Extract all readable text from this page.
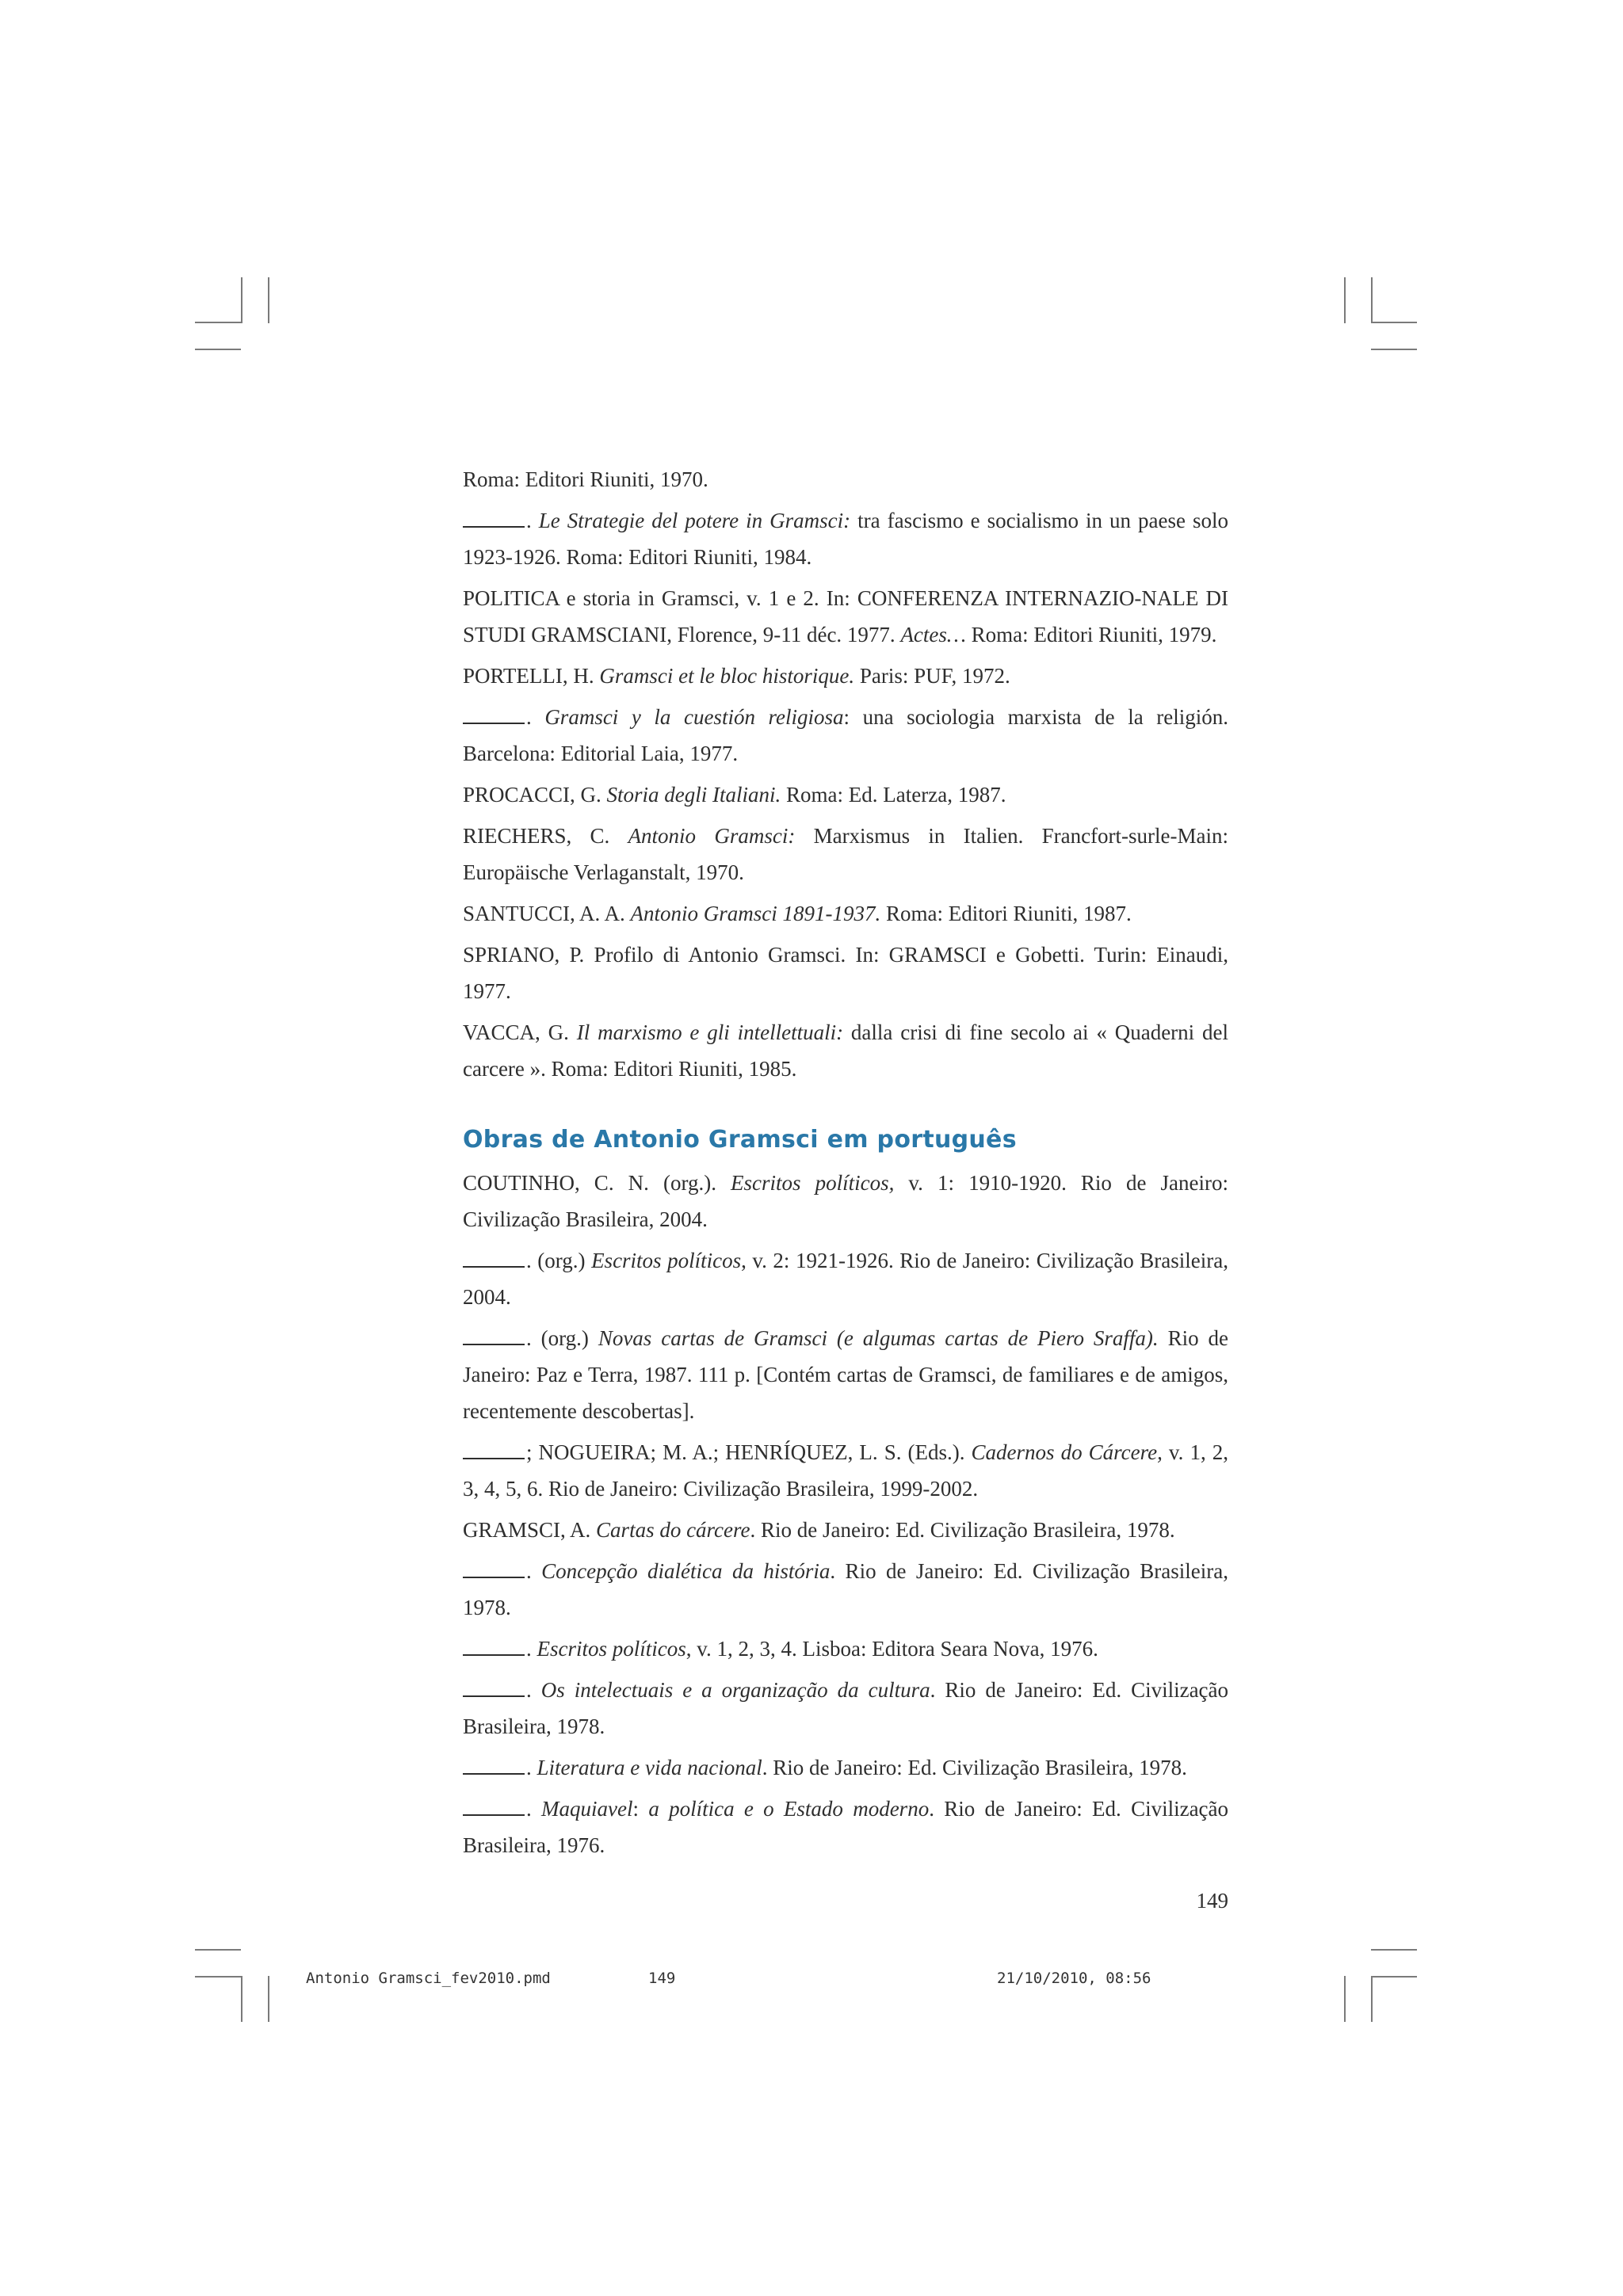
Roma: Editori Riuniti, 1970.

. Le Strategie del potere in Gramsci: tra fascismo e socialismo in un paese solo 1923-1926. Roma: Editori Riuniti, 1984.

POLITICA e storia in Gramsci, v. 1 e 2. In: CONFERENZA INTERNAZIO-NALE DI STUDI GRAMSCIANI, Florence, 9-11 déc. 1977. Actes… Roma: Editori Riuniti, 1979.

PORTELLI, H. Gramsci et le bloc historique. Paris: PUF, 1972.

. Gramsci y la cuestión religiosa: una sociologia marxista de la religión. Barcelona: Editorial Laia, 1977.

PROCACCI, G. Storia degli Italiani. Roma: Ed. Laterza, 1987.

RIECHERS, C. Antonio Gramsci: Marxismus in Italien. Francfort-surle-Main: Europäische Verlaganstalt, 1970.

SANTUCCI, A. A. Antonio Gramsci 1891-1937. Roma: Editori Riuniti, 1987.

SPRIANO, P. Profilo di Antonio Gramsci. In: GRAMSCI e Gobetti. Turin: Einaudi, 1977.

VACCA, G. Il marxismo e gli intellettuali: dalla crisi di fine secolo ai « Quaderni del carcere ». Roma: Editori Riuniti, 1985.

Obras de Antonio Gramsci em português

COUTINHO, C. N. (org.). Escritos políticos, v. 1: 1910-1920. Rio de Janeiro: Civilização Brasileira, 2004.

. (org.) Escritos políticos, v. 2: 1921-1926. Rio de Janeiro: Civilização Brasileira, 2004.

. (org.) Novas cartas de Gramsci (e algumas cartas de Piero Sraffa). Rio de Janeiro: Paz e Terra, 1987. 111 p. [Contém cartas de Gramsci, de familiares e de amigos, recentemente descobertas].

; NOGUEIRA; M. A.; HENRÍQUEZ, L. S. (Eds.). Cadernos do Cárcere, v. 1, 2, 3, 4, 5, 6. Rio de Janeiro: Civilização Brasileira, 1999-2002.

GRAMSCI, A. Cartas do cárcere. Rio de Janeiro: Ed. Civilização Brasileira, 1978.

. Concepção dialética da história. Rio de Janeiro: Ed. Civilização Brasileira, 1978.

. Escritos políticos, v. 1, 2, 3, 4. Lisboa: Editora Seara Nova, 1976.

. Os intelectuais e a organização da cultura. Rio de Janeiro: Ed. Civilização Brasileira, 1978.

. Literatura e vida nacional. Rio de Janeiro: Ed. Civilização Brasileira, 1978.

. Maquiavel: a política e o Estado moderno. Rio de Janeiro: Ed. Civilização Brasileira, 1976.

149
Antonio Gramsci_fev2010.pmd	149	21/10/2010, 08:56
